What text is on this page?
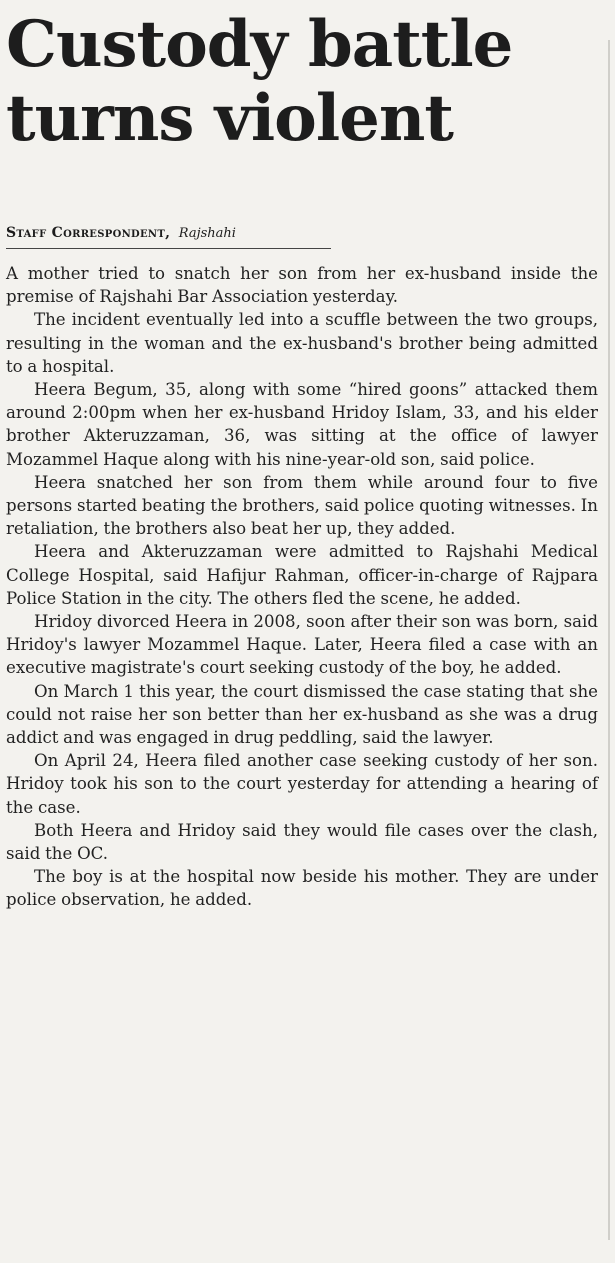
Custody battle
turns violent
Staff Correspondent, Rajshahi

A mother tried to snatch her son from her ex-husband inside the premise of Rajshahi Bar Association yesterday.

The incident eventually led into a scuffle between the two groups, resulting in the woman and the ex-husband's brother being admitted to a hospital.

Heera Begum, 35, along with some “hired goons” attacked them around 2:00pm when her ex-husband Hridoy Islam, 33, and his elder brother Akteruzzaman, 36, was sitting at the office of lawyer Mozammel Haque along with his nine-year-old son, said police.

Heera snatched her son from them while around four to five persons started beating the brothers, said police quoting witnesses. In retaliation, the brothers also beat her up, they added.

Heera and Akteruzzaman were admitted to Rajshahi Medical College Hospital, said Hafijur Rahman, officer-in-charge of Rajpara Police Station in the city. The others fled the scene, he added.

Hridoy divorced Heera in 2008, soon after their son was born, said Hridoy's lawyer Mozammel Haque. Later, Heera filed a case with an executive magistrate's court seeking custody of the boy, he added.

On March 1 this year, the court dismissed the case stating that she could not raise her son better than her ex-husband as she was a drug addict and was engaged in drug peddling, said the lawyer.

On April 24, Heera filed another case seeking custody of her son. Hridoy took his son to the court yesterday for attending a hearing of the case.

Both Heera and Hridoy said they would file cases over the clash, said the OC.

The boy is at the hospital now beside his mother. They are under police observation, he added.
